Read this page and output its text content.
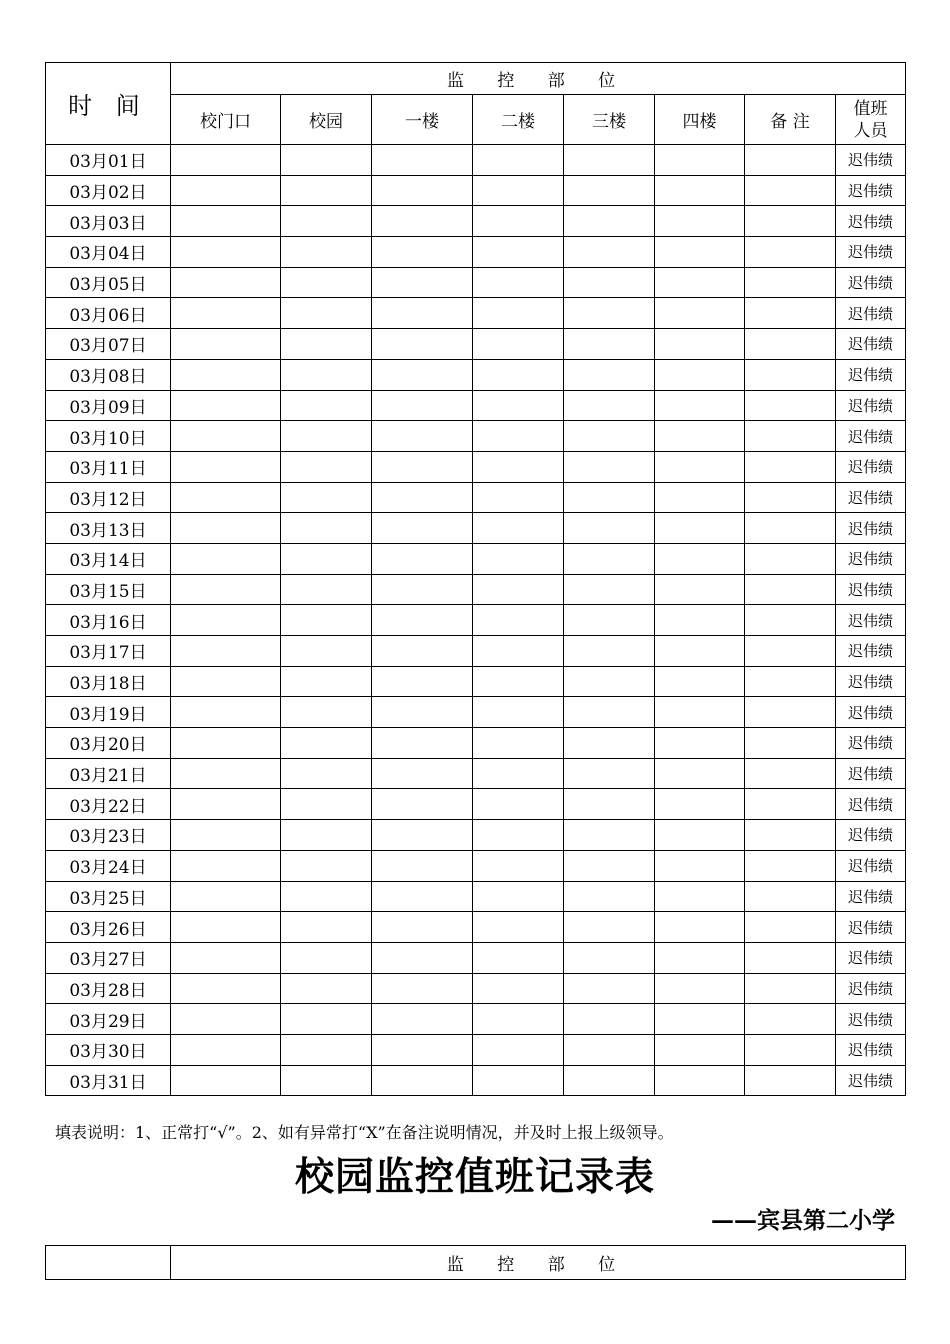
时 间	监 控 部 位							
	校门口	校园	一楼	二楼	三楼	四楼	备 注	值班
人员
03月01日								迟伟绩
03月02日								迟伟绩
03月03日								迟伟绩
03月04日								迟伟绩
03月05日								迟伟绩
03月06日								迟伟绩
03月07日								迟伟绩
03月08日								迟伟绩
03月09日								迟伟绩
03月10日								迟伟绩
03月11日								迟伟绩
03月12日								迟伟绩
03月13日								迟伟绩
03月14日								迟伟绩
03月15日								迟伟绩
03月16日								迟伟绩
03月17日								迟伟绩
03月18日								迟伟绩
03月19日								迟伟绩
03月20日								迟伟绩
03月21日								迟伟绩
03月22日								迟伟绩
03月23日								迟伟绩
03月24日								迟伟绩
03月25日								迟伟绩
03月26日								迟伟绩
03月27日								迟伟绩
03月28日								迟伟绩
03月29日								迟伟绩
03月30日								迟伟绩
03月31日								迟伟绩
填表说明：1、正常打“√”。2、如有异常打“X”在备注说明情况，并及时上报上级领导。
校园监控值班记录表
——宾县第二小学
	监 控 部 位
